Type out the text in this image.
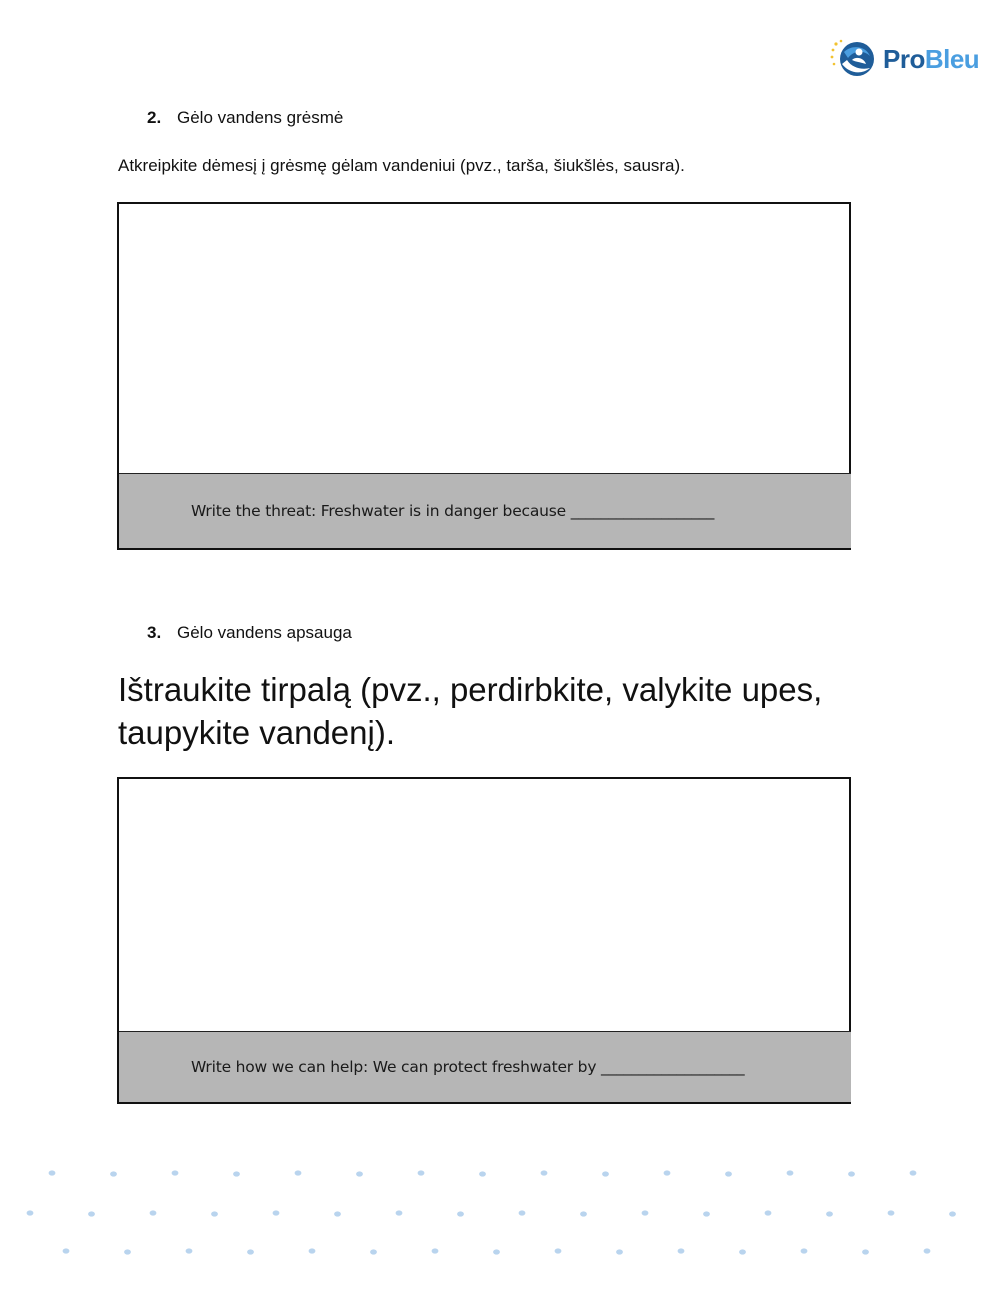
ProBleu
2. Gėlo vandens grėsmė
Atkreipkite dėmesį į grėsmę gėlam vandeniui (pvz., tarša, šiukšlės, sausra).
Write the threat: Freshwater is in danger because ___________________
3. Gėlo vandens apsauga
Ištraukite tirpalą (pvz., perdirbkite, valykite upes, taupykite vandenį).
Write how we can help: We can protect freshwater by ___________________
